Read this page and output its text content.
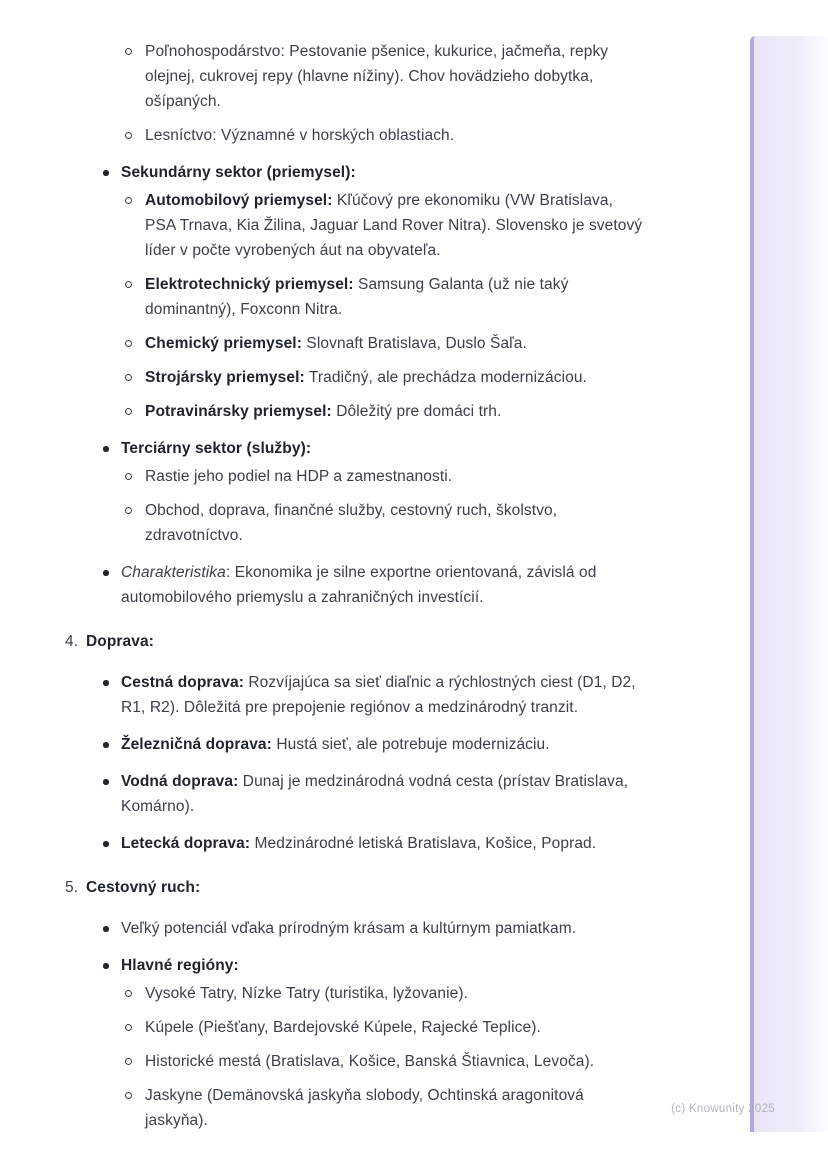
Poľnohospodárstvo: Pestovanie pšenice, kukurice, jačmeňa, repky olejnej, cukrovej repy (hlavne nížiny). Chov hovädzieho dobytka, ošípaných.
Lesníctvo: Významné v horských oblastiach.
Sekundárny sektor (priemysel):
Automobilový priemysel: Kľúčový pre ekonomiku (VW Bratislava, PSA Trnava, Kia Žilina, Jaguar Land Rover Nitra). Slovensko je svetový líder v počte vyrobených áut na obyvateľa.
Elektrotechnický priemysel: Samsung Galanta (už nie taký dominantný), Foxconn Nitra.
Chemický priemysel: Slovnaft Bratislava, Duslo Šaľa.
Strojársky priemysel: Tradičný, ale prechádza modernizáciou.
Potravinársky priemysel: Dôležitý pre domáci trh.
Terciárny sektor (služby):
Rastie jeho podiel na HDP a zamestnanosti.
Obchod, doprava, finančné služby, cestovný ruch, školstvo, zdravotníctvo.
Charakteristika: Ekonomika je silne exportne orientovaná, závislá od automobilového priemyslu a zahraničných investícií.
4. Doprava:
Cestná doprava: Rozvíjajúca sa sieť diaľnic a rýchlostných ciest (D1, D2, R1, R2). Dôležitá pre prepojenie regiónov a medzinárodný tranzit.
Železničná doprava: Hustá sieť, ale potrebuje modernizáciu.
Vodná doprava: Dunaj je medzinárodná vodná cesta (prístav Bratislava, Komárno).
Letecká doprava: Medzinárodné letiská Bratislava, Košice, Poprad.
5. Cestovný ruch:
Veľký potenciál vďaka prírodným krásam a kultúrnym pamiatkam.
Hlavné regióny:
Vysoké Tatry, Nízke Tatry (turistika, lyžovanie).
Kúpele (Piešťany, Bardejovské Kúpele, Rajecké Teplice).
Historické mestá (Bratislava, Košice, Banská Štiavnica, Levoča).
Jaskyne (Demänovská jaskyňa slobody, Ochtinská aragonitová jaskyňa).
(c) Knowunity 2025
